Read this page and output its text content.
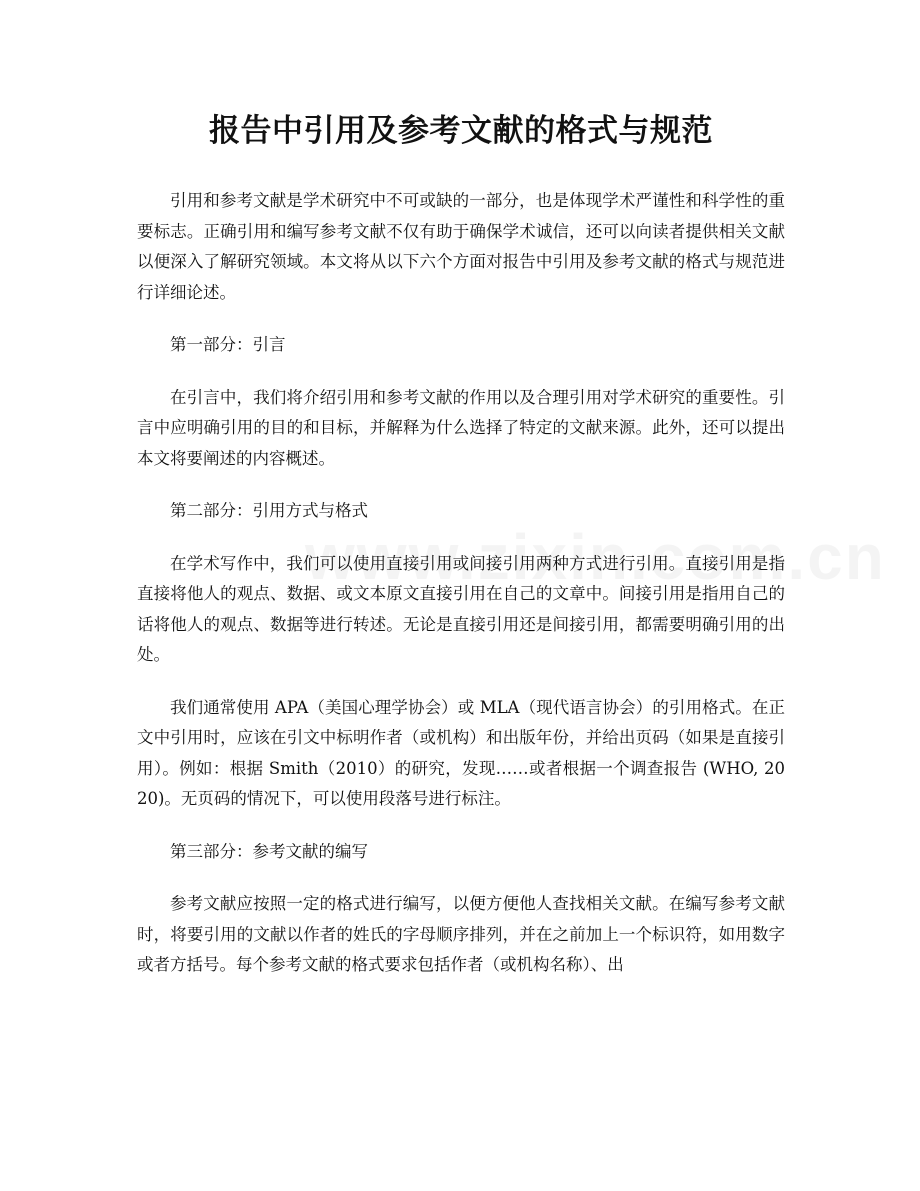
报告中引用及参考文献的格式与规范

引用和参考文献是学术研究中不可或缺的一部分，也是体现学术严谨性和科学性的重要标志。正确引用和编写参考文献不仅有助于确保学术诚信，还可以向读者提供相关文献以便深入了解研究领域。本文将从以下六个方面对报告中引用及参考文献的格式与规范进行详细论述。

第一部分：引言

在引言中，我们将介绍引用和参考文献的作用以及合理引用对学术研究的重要性。引言中应明确引用的目的和目标，并解释为什么选择了特定的文献来源。此外，还可以提出本文将要阐述的内容概述。

第二部分：引用方式与格式

在学术写作中，我们可以使用直接引用或间接引用两种方式进行引用。直接引用是指直接将他人的观点、数据、或文本原文直接引用在自己的文章中。间接引用是指用自己的话将他人的观点、数据等进行转述。无论是直接引用还是间接引用，都需要明确引用的出处。

我们通常使用 APA（美国心理学协会）或 MLA（现代语言协会）的引用格式。在正文中引用时，应该在引文中标明作者（或机构）和出版年份，并给出页码（如果是直接引用）。例如：根据 Smith（2010）的研究，发现……或者根据一个调查报告 (WHO, 2020)。无页码的情况下，可以使用段落号进行标注。

第三部分：参考文献的编写

参考文献应按照一定的格式进行编写，以便方便他人查找相关文献。在编写参考文献时，将要引用的文献以作者的姓氏的字母顺序排列，并在之前加上一个标识符，如用数字或者方括号。每个参考文献的格式要求包括作者（或机构名称）、出
